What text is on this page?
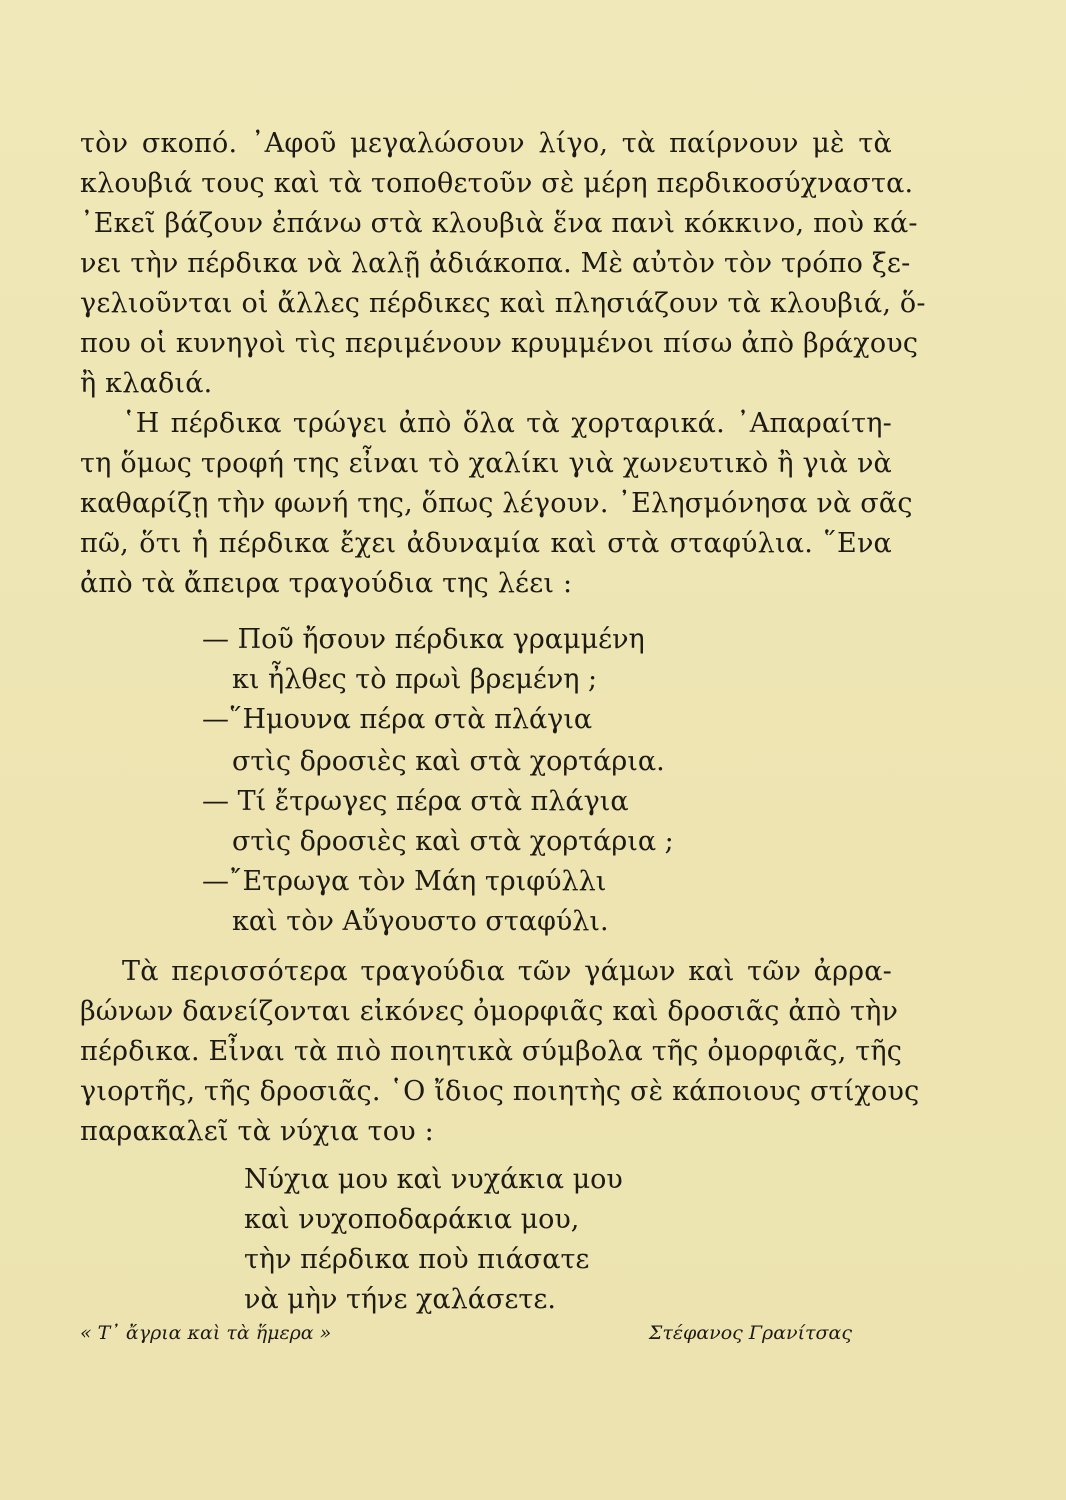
τὸν σκοπό. ᾿Αφοῦ μεγαλώσουν λίγο, τὰ παίρνουν μὲ τὰ
κλουβιά τους καὶ τὰ τοποθετοῦν σὲ μέρη περδικοσύχναστα.
᾿Εκεῖ βάζουν ἐπάνω στὰ κλουβιὰ ἕνα πανὶ κόκκινο, ποὺ κά-
νει τὴν πέρδικα νὰ λαλῇ ἀδιάκοπα. Μὲ αὐτὸν τὸν τρόπο ξε-
γελιοῦνται οἱ ἄλλες πέρδικες καὶ πλησιάζουν τὰ κλουβιά, ὅ-
που οἱ κυνηγοὶ τὶς περιμένουν κρυμμένοι πίσω ἀπὸ βράχους
ἢ κλαδιά.
῾Η πέρδικα τρώγει ἀπὸ ὅλα τὰ χορταρικά. ᾿Απαραίτη-
τη ὅμως τροφή της εἶναι τὸ χαλίκι γιὰ χωνευτικὸ ἢ γιὰ νὰ
καθαρίζῃ τὴν φωνή της, ὅπως λέγουν. ᾿Ελησμόνησα νὰ σᾶς
πῶ, ὅτι ἡ πέρδικα ἔχει ἀδυναμία καὶ στὰ σταφύλια. ῞Ενα
ἀπὸ τὰ ἄπειρα τραγούδια της λέει :
— Ποῦ ἤσουν πέρδικα γραμμένη
κι ἦλθες τὸ πρωὶ βρεμένη ;
—῞Ημουνα πέρα στὰ πλάγια
στὶς δροσιὲς καὶ στὰ χορτάρια.
— Τί ἔτρωγες πέρα στὰ πλάγια
στὶς δροσιὲς καὶ στὰ χορτάρια ;
—῎Ετρωγα τὸν Μάη τριφύλλι
καὶ τὸν Αὔγουστο σταφύλι.
Τὰ περισσότερα τραγούδια τῶν γάμων καὶ τῶν ἀρρα-
βώνων δανείζονται εἰκόνες ὀμορφιᾶς καὶ δροσιᾶς ἀπὸ τὴν
πέρδικα. Εἶναι τὰ πιὸ ποιητικὰ σύμβολα τῆς ὀμορφιᾶς, τῆς
γιορτῆς, τῆς δροσιᾶς. ῾Ο ἴδιος ποιητὴς σὲ κάποιους στίχους
παρακαλεῖ τὰ νύχια του :
Νύχια μου καὶ νυχάκια μου
καὶ νυχοποδαράκια μου,
τὴν πέρδικα ποὺ πιάσατε
νὰ μὴν τήνε χαλάσετε.
« Τ᾿ ἄγρια καὶ τὰ ἥμερα »	Στέφανος Γρανίτσας
